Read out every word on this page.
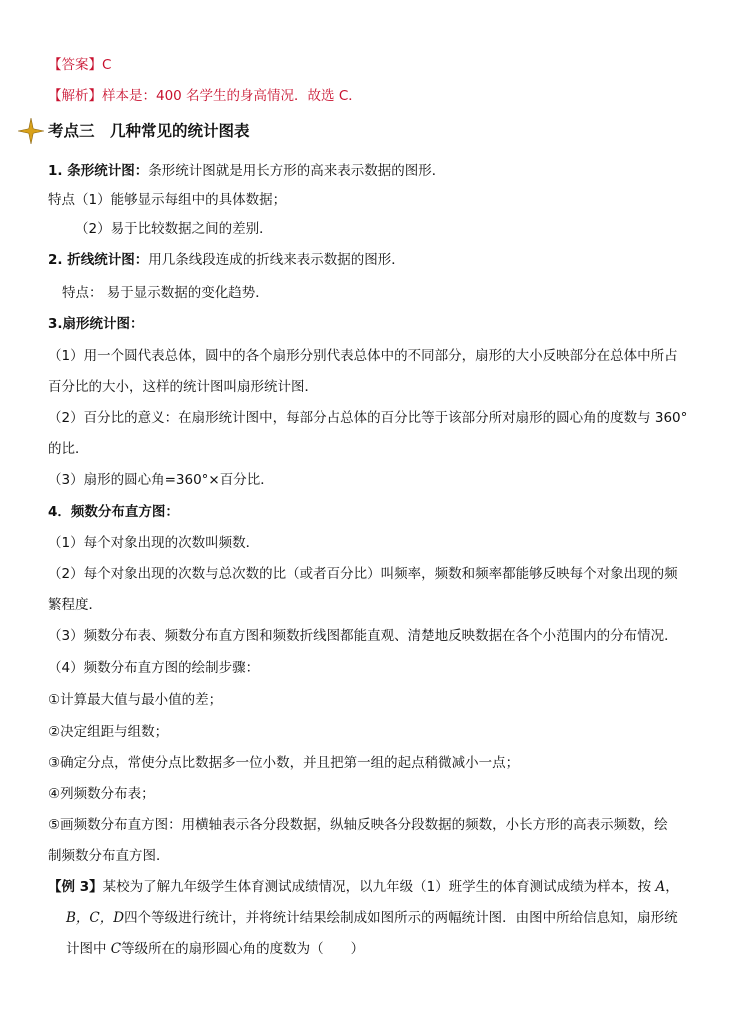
【答案】C
【解析】样本是：400 名学生的身高情况．故选 C．
考点三　几种常见的统计图表
1. 条形统计图：条形统计图就是用长方形的高来表示数据的图形．
特点（1）能够显示每组中的具体数据；
（2）易于比较数据之间的差别．
2. 折线统计图：用几条线段连成的折线来表示数据的图形．
特点： 易于显示数据的变化趋势．
3.扇形统计图：
（1）用一个圆代表总体，圆中的各个扇形分别代表总体中的不同部分，扇形的大小反映部分在总体中所占
百分比的大小，这样的统计图叫扇形统计图．
（2）百分比的意义：在扇形统计图中，每部分占总体的百分比等于该部分所对扇形的圆心角的度数与 360°
的比．
（3）扇形的圆心角=360°×百分比．
4．频数分布直方图：
（1）每个对象出现的次数叫频数．
（2）每个对象出现的次数与总次数的比（或者百分比）叫频率，频数和频率都能够反映每个对象出现的频
繁程度．
（3）频数分布表、频数分布直方图和频数折线图都能直观、清楚地反映数据在各个小范围内的分布情况．
（4）频数分布直方图的绘制步骤：
①计算最大值与最小值的差；
②决定组距与组数；
③确定分点，常使分点比数据多一位小数，并且把第一组的起点稍微减小一点；
④列频数分布表；
⑤画频数分布直方图：用横轴表示各分段数据，纵轴反映各分段数据的频数，小长方形的高表示频数，绘
制频数分布直方图．
【例 3】某校为了解九年级学生体育测试成绩情况，以九年级（1）班学生的体育测试成绩为样本，按 A，
B，C，D四个等级进行统计，并将统计结果绘制成如图所示的两幅统计图．由图中所给信息知，扇形统
计图中 C等级所在的扇形圆心角的度数为（　　）
